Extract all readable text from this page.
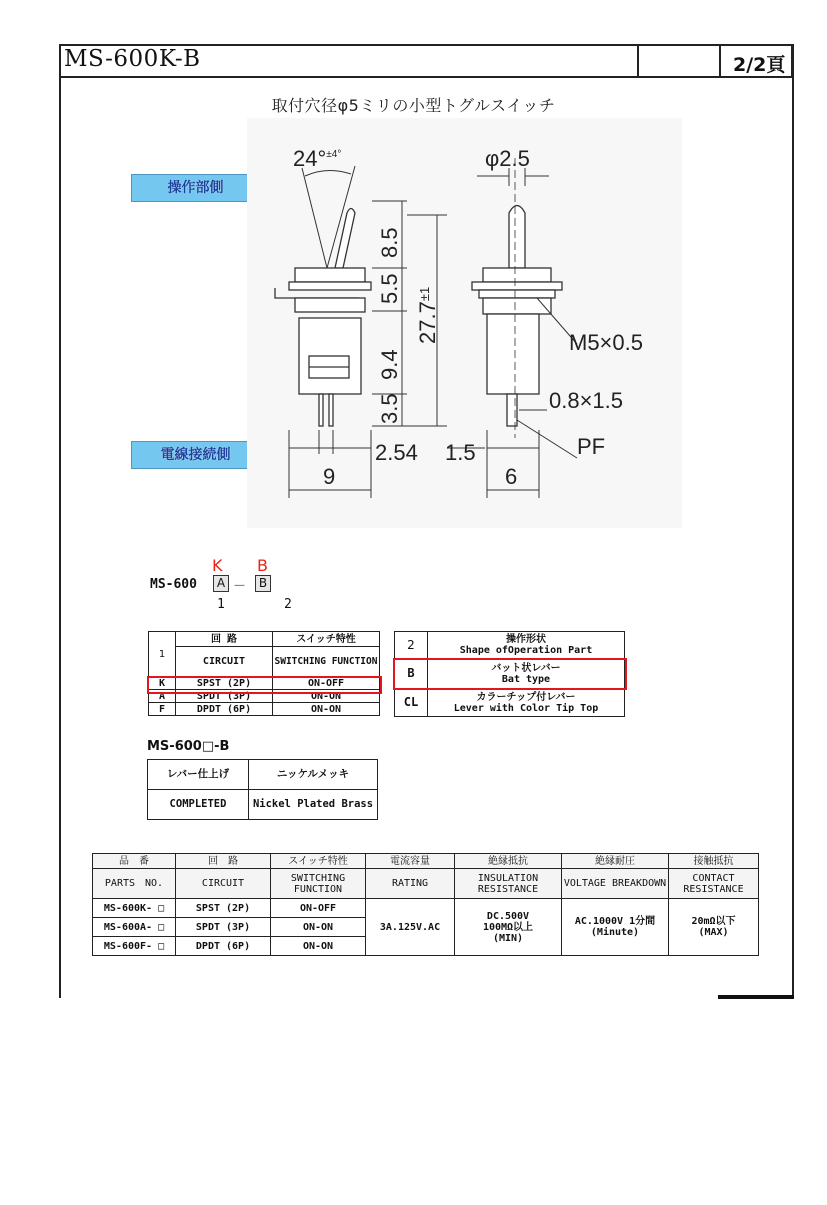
MS-600K-B	2/2頁
取付穴径φ5ミリの小型トグルスイッチ
操作部側
電線接続側
24°$^{\pm 4^\circ}$	φ2.5
8.5
5.5
$27.7^{\pm 1}$
9.4
3.5
M5×0.5
0.8×1.5
PF
2.54 1.5
9	6
MS-600
K B
A －	B
1	2
1	回 路	スイッチ特性
	CIRCUIT	SWITCHING FUNCTION
K	SPST (2P)	ON-OFF
A	SPDT (3P)	ON-ON
F	DPDT (6P)	ON-ON
2	操作形状
Shape ofOperation Part

B	バット状レバー
Bat type

CL	カラーチップ付レバー
Lever with Color Tip Top
MS-600□-B
レバー仕上げ	ニッケルメッキ
COMPLETED	Nickel Plated Brass
品　番	回　路	スイッチ特性	電流容量	絶縁抵抗	絶縁耐圧	接触抵抗
PARTS　NO.	CIRCUIT	SWITCHING FUNCTION	RATING	INSULATION RESISTANCE	VOLTAGE BREAKDOWN	CONTACT RESISTANCE
MS-600K- □	SPST (2P)	ON-OFF	3A.125V.AC	DC.500V 100MΩ以上 (MIN)	AC.1000V 1分間(Minute)	20mΩ以下 (MAX)
MS-600A- □	SPDT (3P)	ON-ON				
MS-600F- □	DPDT (6P)	ON-ON				
